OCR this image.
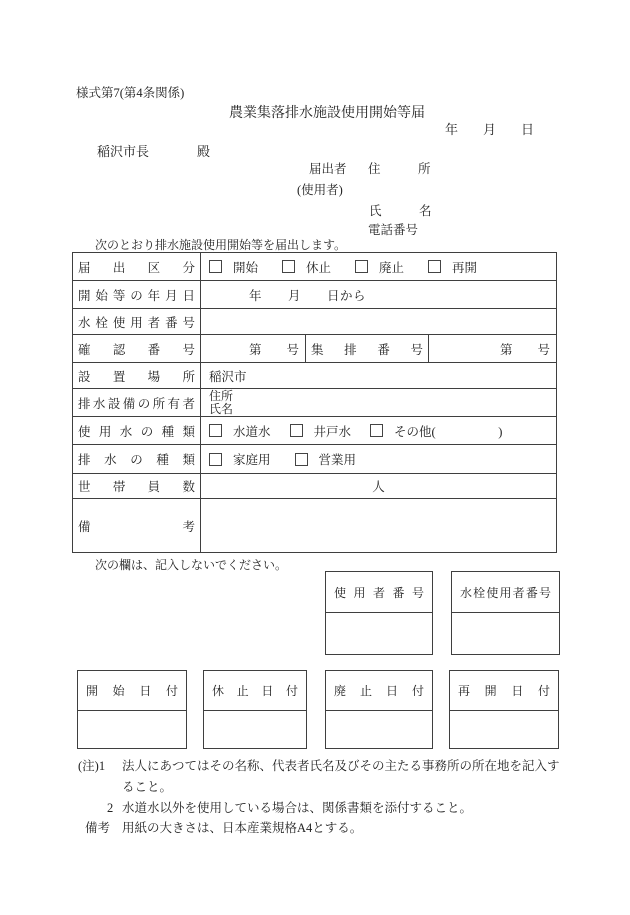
様式第7(第4条関係)
農業集落排水施設使用開始等届
年 月 日
稲沢市長	殿
届出者 住　　　所
(使用者)
氏　　　名
電話番号
次のとおり排水施設使用開始等を届出します。
届出区分	開始 休止 廃止 再開		

開始等の年月日	年　　月　　日から		
水栓使用者番号			
確認番号	第　　号	集排番号	第　　号
設置場所	稲沢市		
排水設備の所有者	住所
氏名		

使用水の種類	水道水 井戸水 その他(　　　　　)		

排水の種類	家庭用 営業用		

世帯員数	人		
備考			
次の欄は、記入しないでください。
使用者番号	水栓使用者番号
開始日付	休止日付	廃止日付	再開日付
(注)1	法人にあつてはその名称、代表者氏名及びその主たる事務所の所在地を記入すること。
2 水道水以外を使用している場合は、関係書類を添付すること。
備考 用紙の大きさは、日本産業規格A4とする。
